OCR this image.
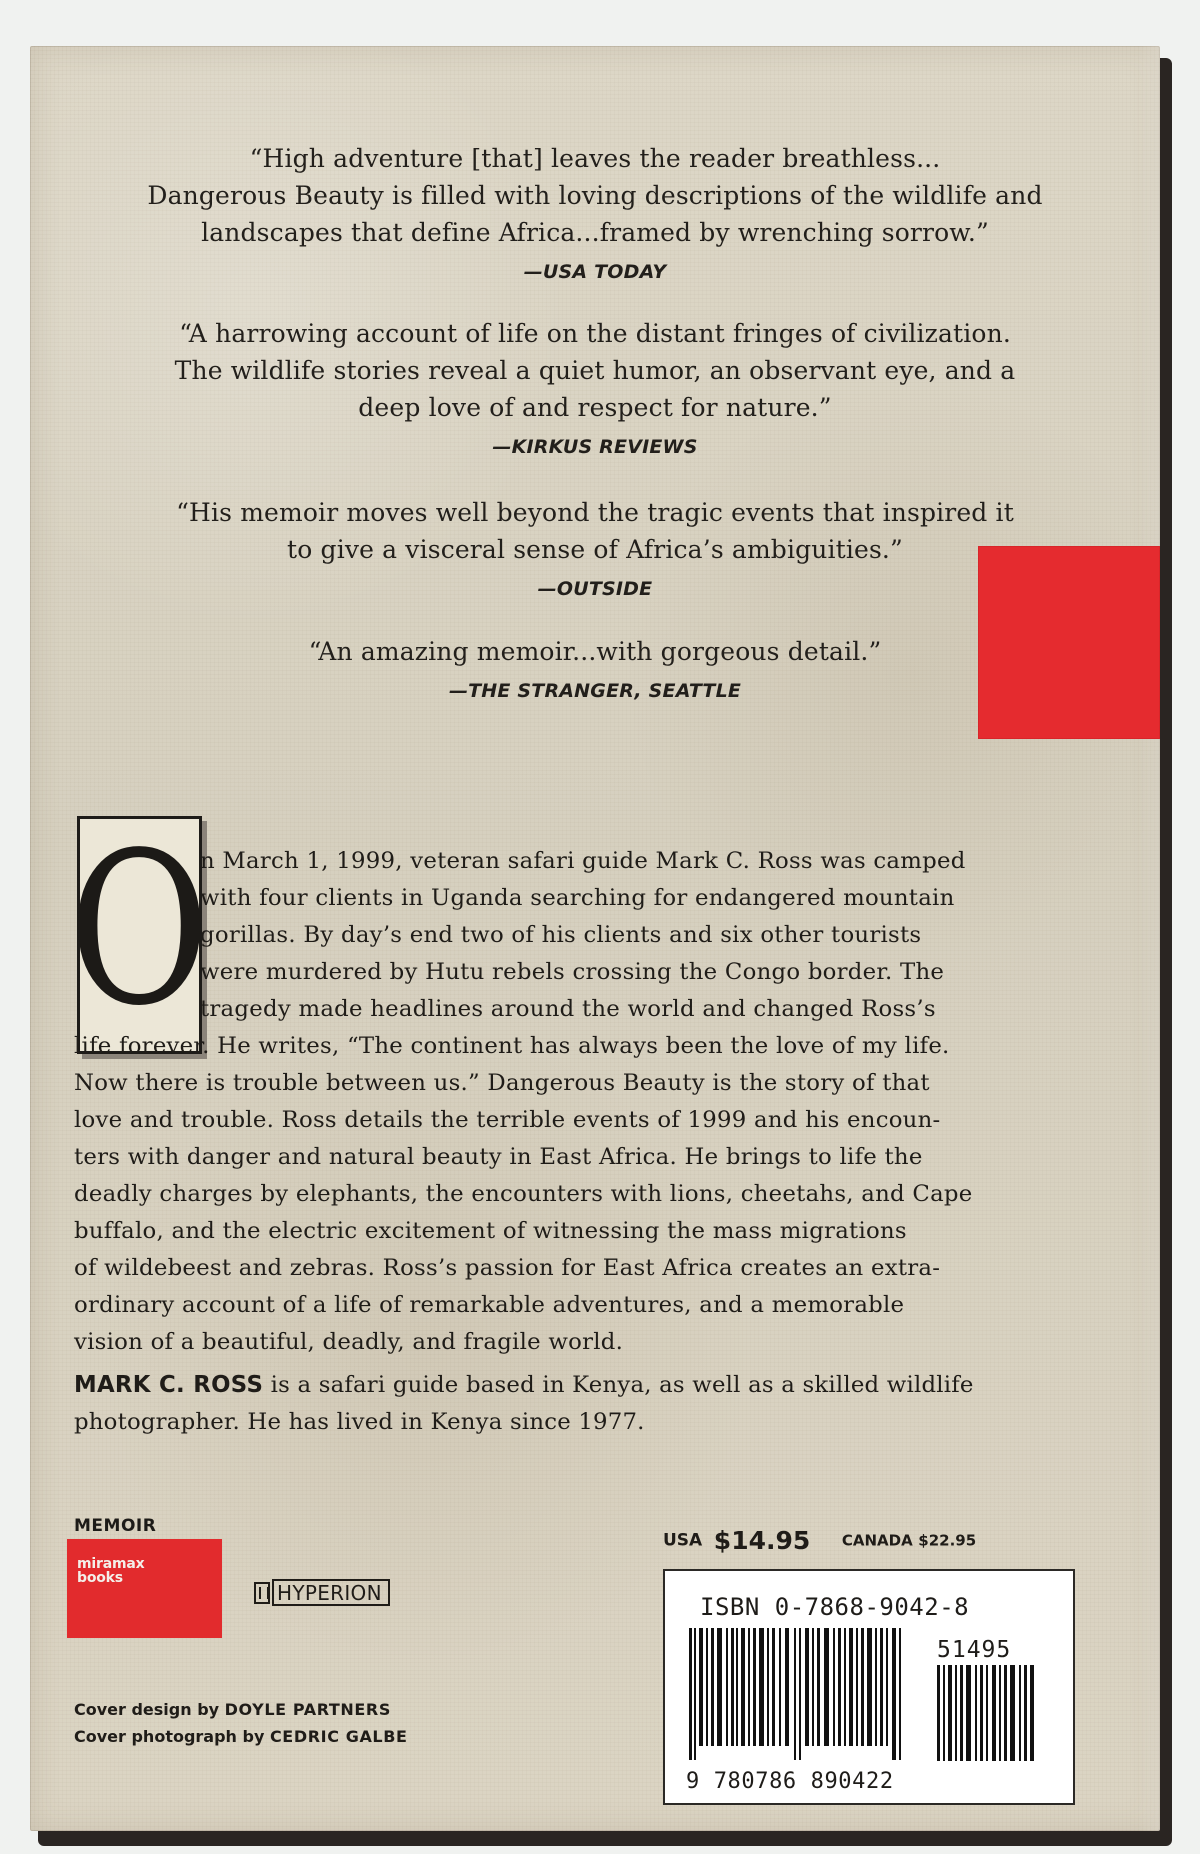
“High adventure [that] leaves the reader breathless...
Dangerous Beauty is filled with loving descriptions of the wildlife and
landscapes that define Africa...framed by wrenching sorrow.”
—USA TODAY
“A harrowing account of life on the distant fringes of civilization.
The wildlife stories reveal a quiet humor, an observant eye, and a
deep love of and respect for nature.”
—KIRKUS REVIEWS
“His memoir moves well beyond the tragic events that inspired it
to give a visceral sense of Africa’s ambiguities.”
—OUTSIDE
“An amazing memoir...with gorgeous detail.”
—THE STRANGER, SEATTLE
O
n March 1, 1999, veteran safari guide Mark C. Ross was camped
with four clients in Uganda searching for endangered mountain
gorillas. By day’s end two of his clients and six other tourists
were murdered by Hutu rebels crossing the Congo border. The
tragedy made headlines around the world and changed Ross’s
life forever. He writes, “The continent has always been the love of my life.
Now there is trouble between us.” Dangerous Beauty is the story of that
love and trouble. Ross details the terrible events of 1999 and his encoun-
ters with danger and natural beauty in East Africa. He brings to life the
deadly charges by elephants, the encounters with lions, cheetahs, and Cape
buffalo, and the electric excitement of witnessing the mass migrations
of wildebeest and zebras. Ross’s passion for East Africa creates an extra-
ordinary account of a life of remarkable adventures, and a memorable
vision of a beautiful, deadly, and fragile world.
MARK C. ROSS is a safari guide based in Kenya, as well as a skilled wildlife
photographer. He has lived in Kenya since 1977.
MEMOIR
miramax
books
HYPERION
Cover design by DOYLE PARTNERS
Cover photograph by CEDRIC GALBE
USA $14.95 CANADA $22.95
ISBN 0-7868-9042-8
51495
9 780786 890422
